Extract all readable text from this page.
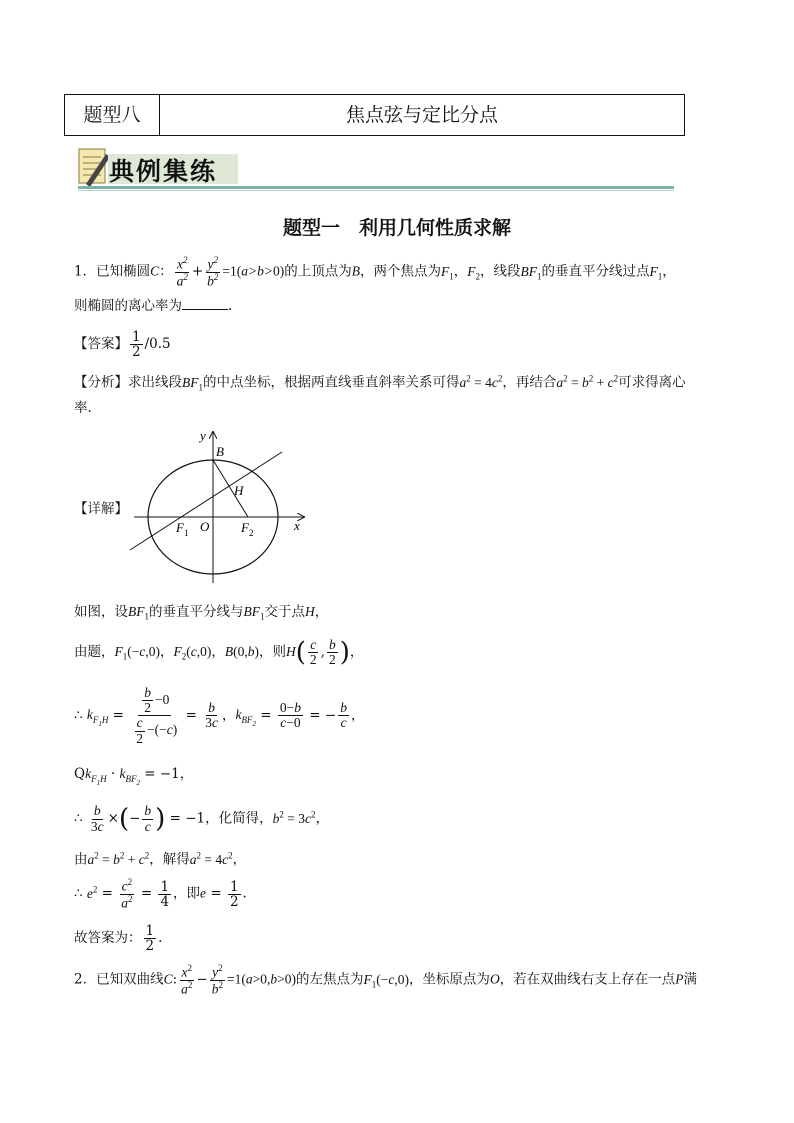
题型八	焦点弦与定比分点
典例集练
题型一　利用几何性质求解
1．已知椭圆C： $\frac{x^2}{a^2} + \frac{y^2}{b^2} =1(a>b>0)$的上顶点为B，两个焦点为$F_1$，$F_2$，线段$BF_1$的垂直平分线过点$F_1$，
则椭圆的离心率为	.
【答案】 $\frac{1}{2} /0.5$
【分析】求出线段$BF_1$的中点坐标，根据两直线垂直斜率关系可得$a^2 = 4c^2$，再结合$a^2 = b^2 + c^2$可求得离心
率.
【详解】
y
x
B
H
O
F 1	F 2
如图，设$BF_1$的垂直平分线与$BF_1$交于点H，
由题，$F_1(-c,0)$，$F_2(c,0)$，B(0,b)，则$H( \frac{c}{2}$ , $\frac{b}{2}$ )，
∴ $k_{F_1H} = \frac{\frac{b}{2} -0}{\frac{c}{2} -(-c)} = \frac{b}{3c}$ ，$k_{BF_2} = \frac{0-b}{c-0}$ = − $\frac{b}{c}$ ，
$Qk_{F_1H} \cdot k_{BF_2} = -1$，
∴ $\frac{b}{3c}$ ×(− $\frac{b}{c}$ ) = −1，化简得，$b^2 = 3c^2$，
由$a^2 = b^2 + c^2$，解得$a^2 = 4c^2$，
∴ $e^2 = \frac{c^2}{a^2} = \frac{1}{4}$ ，即$e = \frac{1}{2}$ .
故答案为： $\frac{1}{2}$ .
2．已知双曲线C: $\frac{x^2}{a^2} - \frac{y^2}{b^2} =1(a>0,b>0)$的左焦点为$F_1(-c,0)$，坐标原点为O，若在双曲线右支上存在一点P满
